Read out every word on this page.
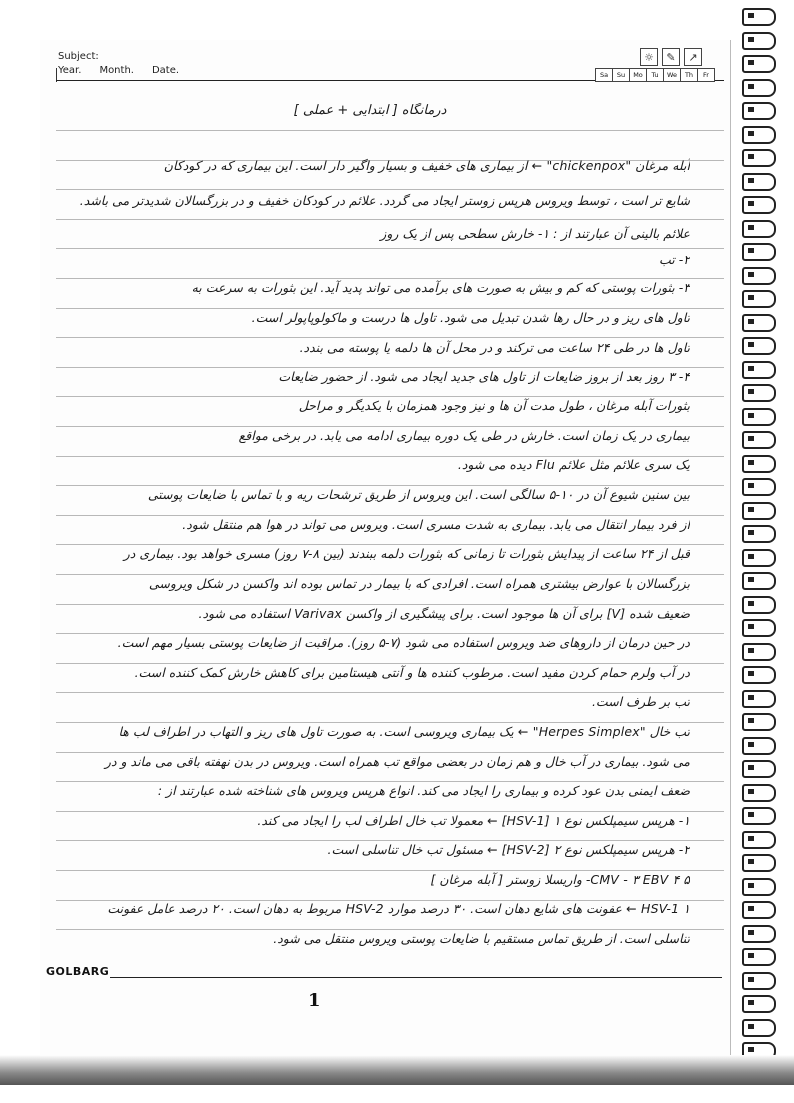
Subject:
Year. Month. Date.
☼	✎	↗
Sa	Su	Mo	Tu	We	Th	Fr
درمانگاه [ ابتدایی + عملی ]
آبله مرغان "chickenpox" ← از بیماری های خفیف و بسیار واگیر دار است. این بیماری که در کودکان
شایع تر است ، توسط ویروس هرپس زوستر ایجاد می گردد. علائم در کودکان خفیف و در بزرگسالان شدیدتر می باشد.
علائم بالینی آن عبارتند از : ۱- خارش سطحی پس از یک روز
۲- تب
۳- بثورات پوستی که کم و بیش به صورت های برآمده می تواند پدید آید. این بثورات به سرعت به
تاول های ریز و در حال رها شدن تبدیل می شود. تاول ها درست و ماکولوپاپولر است.
تاول ها در طی ۲۴ ساعت می ترکند و در محل آن ها دلمه یا پوسته می بندد.
۴- ۳ روز بعد از بروز ضایعات از تاول های جدید ایجاد می شود. از حضور ضایعات
بثورات آبله مرغان ، طول مدت آن ها و نیز وجود همزمان با یکدیگر و مراحل
بیماری در یک زمان است. خارش در طی یک دوره بیماری ادامه می یابد. در برخی مواقع
یک سری علائم مثل علائم Flu دیده می شود.
بین سنین شیوع آن در ۱۰-۵ سالگی است. این ویروس از طریق ترشحات ریه و با تماس با ضایعات پوستی
از فرد بیمار انتقال می یابد. بیماری به شدت مسری است. ویروس می تواند در هوا هم منتقل شود.
قبل از ۲۴ ساعت از پیدایش بثورات تا زمانی که بثورات دلمه ببندند (بین ۸-۷ روز) مسری خواهد بود. بیماری در
بزرگسالان با عوارض بیشتری همراه است. افرادی که با بیمار در تماس بوده اند واکسن در شکل ویروسی
ضعیف شده [V] برای آن ها موجود است. برای پیشگیری از واکسن Varivax استفاده می شود.
در حین درمان از داروهای ضد ویروس استفاده می شود (۷-۵ روز). مراقبت از ضایعات پوستی بسیار مهم است.
در آب ولرم حمام کردن مفید است. مرطوب کننده ها و آنتی هیستامین برای کاهش خارش کمک کننده است.
تب بر طرف است.
تب خال "Herpes Simplex" ← یک بیماری ویروسی است. به صورت تاول های ریز و التهاب در اطراف لب ها
می شود. بیماری در آب خال و هم زمان در بعضی مواقع تب همراه است. ویروس در بدن نهفته باقی می ماند و در
ضعف ایمنی بدن عود کرده و بیماری را ایجاد می کند. انواع هرپس ویروس های شناخته شده عبارتند از :
۱- هرپس سیمپلکس نوع ۱ [HSV-1] ← معمولا تب خال اطراف لب را ایجاد می کند.
۲- هرپس سیمپلکس نوع ۲ [HSV-2] ← مسئول تب خال تناسلی است.
CMV - ۳ EBV ۴ ۵- واریسلا زوستر [ آبله مرغان ]
۱ HSV-1 ← عفونت های شایع دهان است. ۳۰ درصد موارد HSV-2 مربوط به دهان است. ۲۰ درصد عامل عفونت
تناسلی است. از طریق تماس مستقیم با ضایعات پوستی ویروس منتقل می شود.
GOLBARG
1
